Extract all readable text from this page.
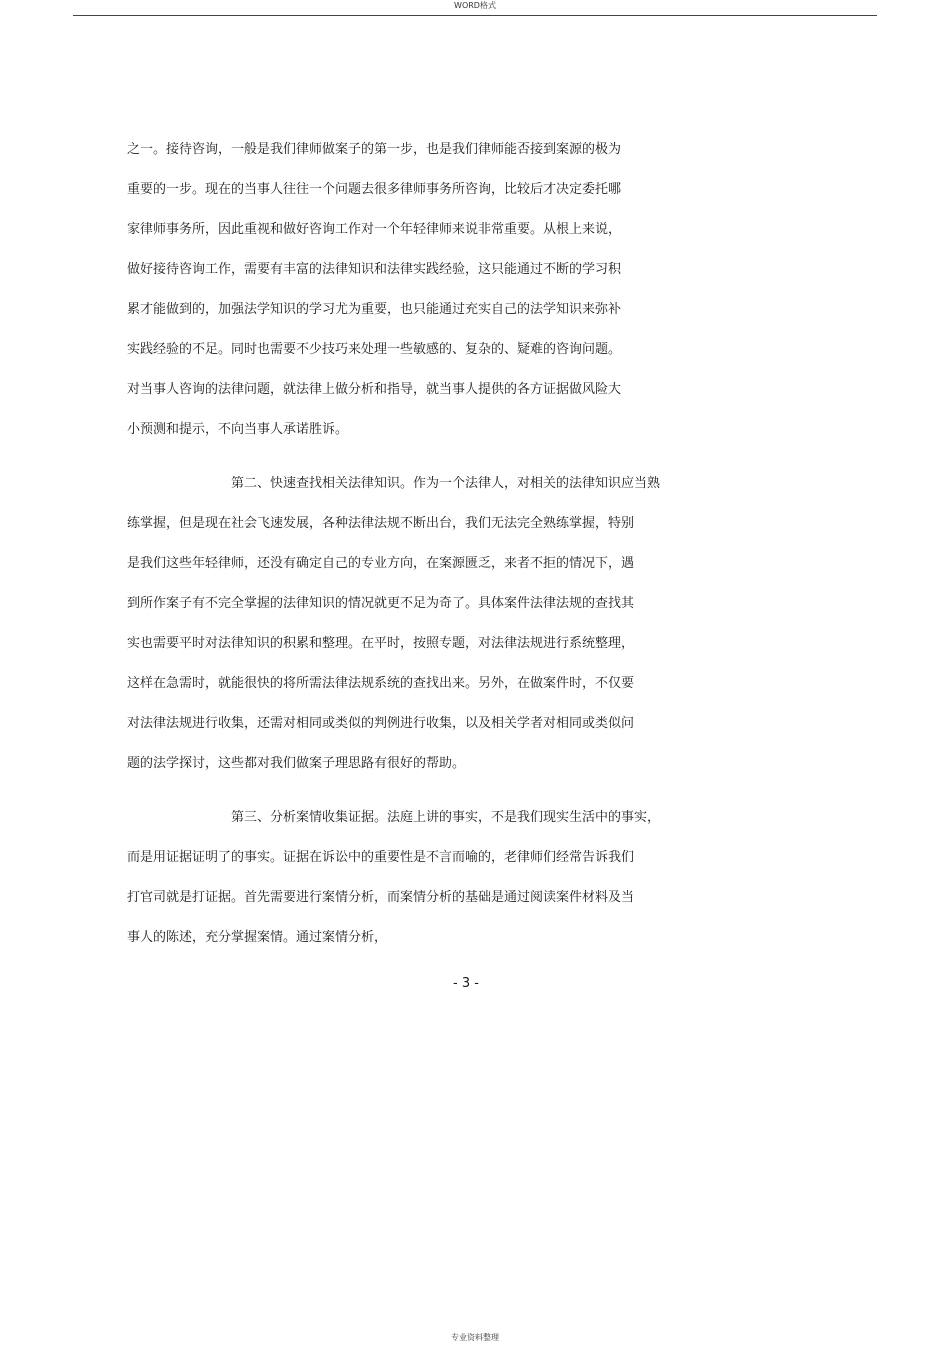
WORD格式
之一。接待咨询，一般是我们律师做案子的第一步，也是我们律师能否接到案源的极为
重要的一步。现在的当事人往往一个问题去很多律师事务所咨询，比较后才决定委托哪
家律师事务所，因此重视和做好咨询工作对一个年轻律师来说非常重要。从根上来说，
做好接待咨询工作，需要有丰富的法律知识和法律实践经验，这只能通过不断的学习积
累才能做到的，加强法学知识的学习尤为重要，也只能通过充实自己的法学知识来弥补
实践经验的不足。同时也需要不少技巧来处理一些敏感的、复杂的、疑难的咨询问题。
对当事人咨询的法律问题，就法律上做分析和指导，就当事人提供的各方证据做风险大
小预测和提示，不向当事人承诺胜诉。
第二、快速查找相关法律知识。作为一个法律人，对相关的法律知识应当熟
练掌握，但是现在社会飞速发展，各种法律法规不断出台，我们无法完全熟练掌握，特别
是我们这些年轻律师，还没有确定自己的专业方向，在案源匮乏，来者不拒的情况下，遇
到所作案子有不完全掌握的法律知识的情况就更不足为奇了。具体案件法律法规的查找其
实也需要平时对法律知识的积累和整理。在平时，按照专题，对法律法规进行系统整理，
这样在急需时，就能很快的将所需法律法规系统的查找出来。另外，在做案件时，不仅要
对法律法规进行收集，还需对相同或类似的判例进行收集，以及相关学者对相同或类似问
题的法学探讨，这些都对我们做案子理思路有很好的帮助。
第三、分析案情收集证据。法庭上讲的事实，不是我们现实生活中的事实，
而是用证据证明了的事实。证据在诉讼中的重要性是不言而喻的，老律师们经常告诉我们
打官司就是打证据。首先需要进行案情分析，而案情分析的基础是通过阅读案件材料及当
事人的陈述，充分掌握案情。通过案情分析，
- 3 -
专业资料整理
